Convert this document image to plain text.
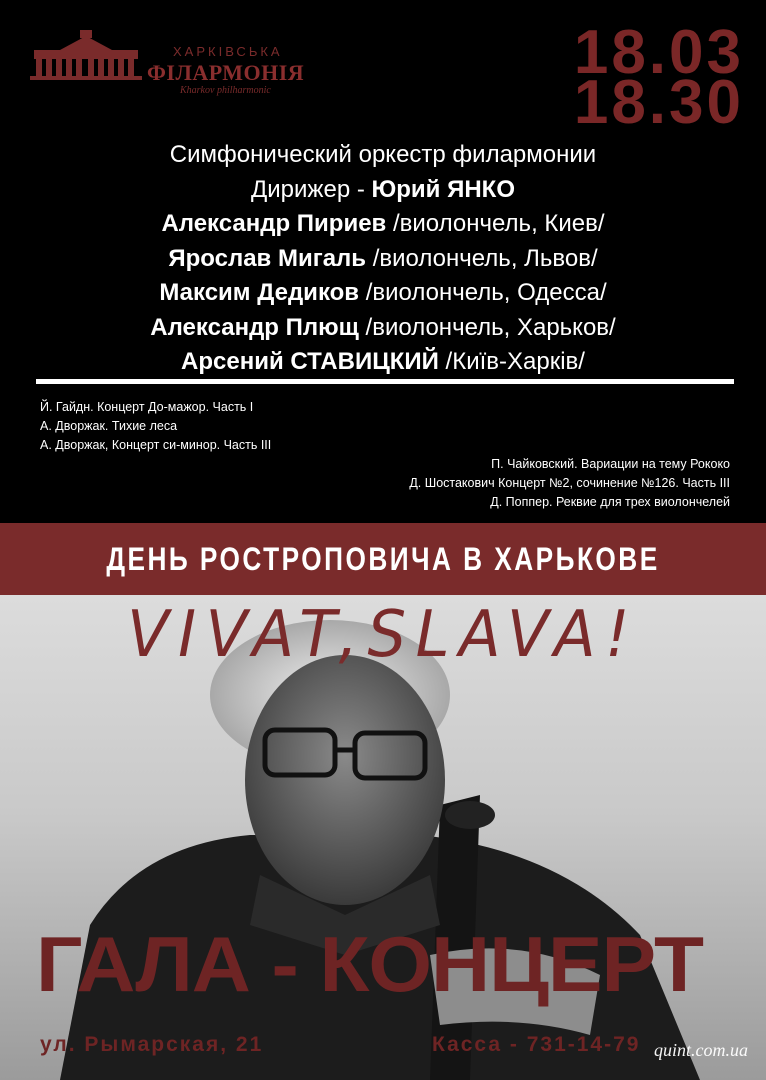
ХАРКІВСЬКА
ФІЛАРМОНІЯ
Kharkov philharmonic
18.03
18.30
Симфонический оркестр филармонии
Дирижер - Юрий ЯНКО
Александр Пириев /виолончель, Киев/
Ярослав Мигаль /виолончель, Львов/
Максим Дедиков /виолончель, Одесса/
Александр Плющ /виолончель, Харьков/
Арсений СТАВИЦКИЙ /Київ-Харків/
Й. Гайдн. Концерт До-мажор. Часть I
А. Дворжак. Тихие леса
А. Дворжак, Концерт си-минор. Часть III
П. Чайковский. Вариации на тему Рококо
Д. Шостакович Концерт №2, сочинение №126. Часть III
Д. Поппер. Реквие для трех виолончелей
ДЕНЬ РОСТРОПОВИЧА В ХАРЬКОВЕ
VIVAT,SLAVA!
ГАЛА - КОНЦЕРТ
ул. Рымарская, 21	Касса - 731-14-79 quint.com.ua
